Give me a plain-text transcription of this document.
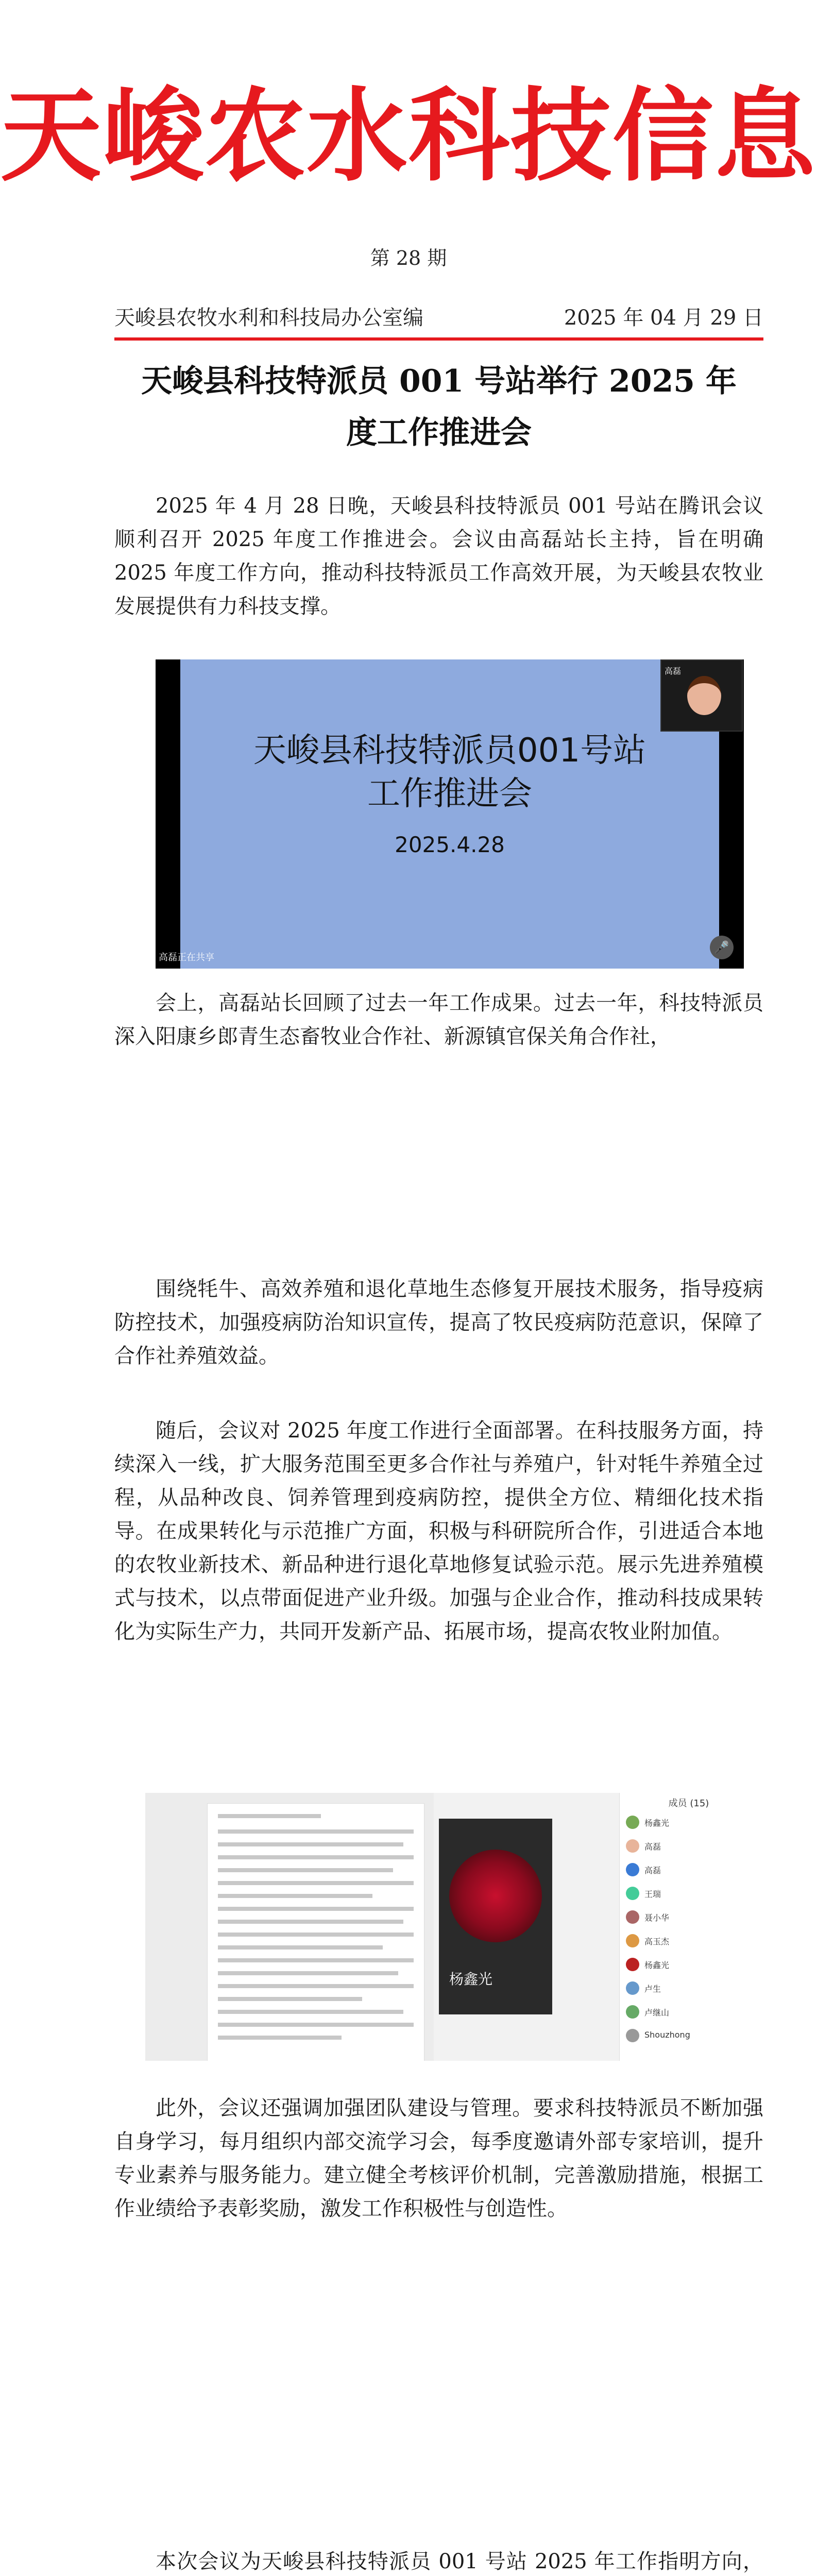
天峻农水科技信息
第 28 期
天峻县农牧水利和科技局办公室编	2025 年 04 月 29 日
天峻县科技特派员 001 号站举行 2025 年
度工作推进会

2025 年 4 月 28 日晚，天峻县科技特派员 001 号站在腾讯会议顺利召开 2025 年度工作推进会。会议由高磊站长主持，旨在明确 2025 年度工作方向，推动科技特派员工作高效开展，为天峻县农牧业发展提供有力科技支撑。

天峻县科技特派员001号站
工作推进会
2025.4.28
高磊
高磊正在共享
🎤

会上，高磊站长回顾了过去一年工作成果。过去一年，科技特派员深入阳康乡郎青生态畜牧业合作社、新源镇官保关角合作社，

围绕牦牛、高效养殖和退化草地生态修复开展技术服务，指导疫病防控技术，加强疫病防治知识宣传，提高了牧民疫病防范意识，保障了合作社养殖效益。

随后，会议对 2025 年度工作进行全面部署。在科技服务方面，持续深入一线，扩大服务范围至更多合作社与养殖户，针对牦牛养殖全过程，从品种改良、饲养管理到疫病防控，提供全方位、精细化技术指导。在成果转化与示范推广方面，积极与科研院所合作，引进适合本地的农牧业新技术、新品种进行退化草地修复试验示范。展示先进养殖模式与技术，以点带面促进产业升级。加强与企业合作，推动科技成果转化为实际生产力，共同开发新产品、拓展市场，提高农牧业附加值。

杨鑫光
成员 (15)
杨鑫光
高磊
高磊
王瑞
聂小华
高玉杰
杨鑫光
卢生
卢继山
Shouzhong

此外，会议还强调加强团队建设与管理。要求科技特派员不断加强自身学习，每月组织内部交流学习会，每季度邀请外部专家培训，提升专业素养与服务能力。建立健全考核评价机制，完善激励措施，根据工作业绩给予表彰奖励，激发工作积极性与创造性。

本次会议为天峻县科技特派员 001 号站 2025 年工作指明方向，
